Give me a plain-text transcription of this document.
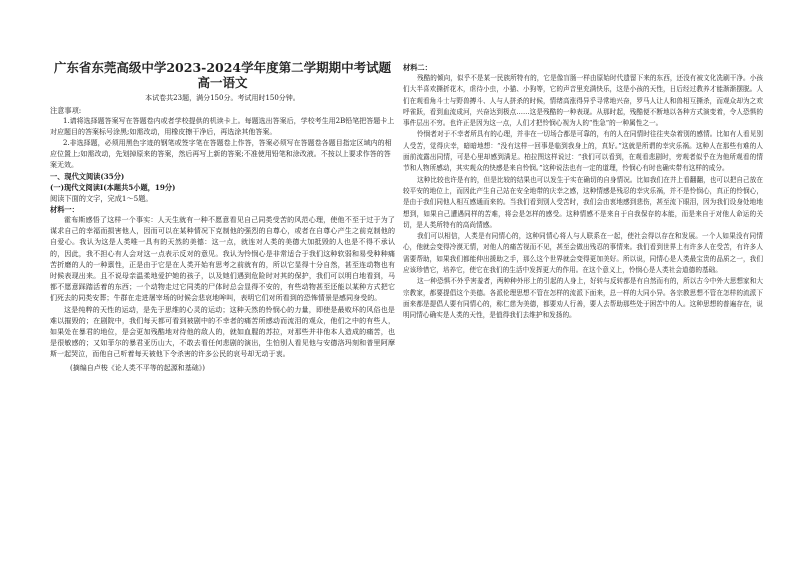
广东省东莞高级中学2023-2024学年度第二学期期中考试题

高一语文

本试卷共23题，满分150分。考试用时150分钟。

注意事项:

1.请将选择题答案写在答题卷内或者学校提供的机读卡上。每题选出答案后，学校考生用2B铅笔把答题卡上对应题目的答案标号涂黑;如需改动，用橡皮擦干净后，再选涂其他答案。

2.非选择题，必须用黑色字迹的钢笔或签字笔在答题卷上作答，答案必须写在答题卷各题目指定区域内的相应位置上;如需改动，先划掉原来的答案，然后再写上新的答案;不准使用铅笔和涂改液。不按以上要求作答的答案无效。

一、现代文阅读(35分)

(一)现代文阅读Ⅰ(本题共5小题，19分)

阅读下面的文字，完成1～5题。

材料一：

霍布斯感悟了这样一个事实：人天生就有一种不愿意看见自己同类受苦的风范心理，使他不至于过于为了谋求自己的幸福而损害他人，因而可以在某种情况下克制他的强烈的自尊心，或者在自尊心产生之前克制他的自爱心。我认为这是人类唯一具有的天然的美德：这一点，就连对人类的美德大加抵毁的人也是不得不承认的，因此，我不担心有人会对这一点表示反对的意见。我认为怜悯心是非常适合于我们这种软弱和易受种种痛苦折磨的人的一种禀性，正是由于它是在人类开始有思考之前就有的，所以它显得十分自然，甚至连动物也有时候表现出来。且不说母亲温柔地爱护她的孩子，以及她们遇到危险时对其的保护，我们可以明白地看到，马都不愿意踩踏活着的东西；一个动物走过它同类的尸体时总会显得不安的，有些动物甚至还能以某种方式把它们死去的同类安葬；牛群在走进屠宰场的时候会悲哀地哞叫，表明它们对所看到的恐怖情景是感同身受的。

这是纯粹的天性的运动，是先于思维的心灵的运动；这种天然的怜悯心的力量，即使是最败坏的风俗也是难以摧毁的；在剧院中，我们每天都可看到被剧中的不幸者的痛苦所感动而流泪的观众，他们之中的有些人，如果处在暴君的地位，是会更加残酷地对待他的敌人的，就如血腥的苏拉，对那些并非他本人造成的痛苦，也是很敏感的；又如菲尔的暴君亚历山大，不敢去看任何悲剧的演出，生怕别人看见他与安德洛玛刻和普里阿摩斯一起哭泣，而他自己听着每天被他下令杀害的许多公民的哀号却无动于衷。

(摘编自卢梭《论人类不平等的起源和基础》)

材料二：

残酷的倾向，似乎不是某一民族所特有的，它是像盲肠一样由原始时代遗留下来的东西，还没有被文化冼刷干净。小孩们大半喜欢撕折花木，虐待小虫，小猫、小狗等，它的声音里充满快乐，这是小孩的天性，日后经过教养才能渐渐摆脱。人们在观看角斗士与野兽搏斗、人与人拼杀的时候，情绪高涨得异乎寻常地兴奋，罗马人让人和兽相互撕杀，而观众却为之欢呼雀跃，看到血流成河，兴奋达到极点……这是残酷的一种表现。从那时起，残酷便不断地以各种方式演变着，令人恐惧的事件层出不穷。也许正是因为这一点，人们才把怜悯心视为人的“性急”的一种属性之一。

怜悯者对于不幸者所具有的心理，并非在一切场合都是可靠的，有的人在同情时往往夹杂着别的感情。比如有人看见别人受苦，觉得庆幸，暗暗地想：“没有这样一回事是临到我身上的，真好。”这就是所谓的幸灾乐祸。这种人在那些有难的人面前流露出同情，可是心里却感到满足。柏拉图这样说过：“我们可以看到，在观看悲剧时，旁观者似乎在为他所观看的情节和人物所感动，其实观众的快感是来自怜悯。”这种说法也有一定的道理，怜悯心有时也确实带有这样的成分。

这种比较也许是有的，但是比较的结果也可以发生于实在确切的自身情况。比如我们在井上看翻翻，也可以把自己放在较平安的地位上，而因此产生自己站在安全地带的庆幸之感，这种情感是残忍的幸灾乐祸，并不是怜悯心，真正的怜悯心，是由于我们同他人相互感通而来的。当我们看到别人受苦时，我们会由衷地感到悲伤，甚至流下眼泪，因为我们设身处地地想到，如果自己遭遇同样的苦难，将会是怎样的感受。这种情感不是来自于自我保存的本能，而是来自于对他人命运的关切，是人类所特有的高尚情感。

我们可以相信，人类是有同情心的，这种同情心将人与人联系在一起，使社会得以存在和发展。一个人如果没有同情心，他就会变得冷漠无情，对他人的痛苦视而不见，甚至会做出残忍的事情来。我们看到世界上有许多人在受苦，有许多人需要帮助，如果我们都能伸出援助之手，那么这个世界就会变得更加美好。所以说，同情心是人类最宝贵的品质之一，我们应该珍惜它，培养它，使它在我们的生活中发挥更大的作用。在这个意义上，怜悯心是人类社会道德的基础。

这一种恐惧不外乎害羞者，两种种外形上的引起的人身上，好转与反转都是有自然而有的，所以古今中外大思想家和大宗教家，都要提倡这个美德。各派伦理思想不管在怎样的流派下面来，总一样的大同小异。各宗教思想不管在怎样的流派下面来都是提倡人要有同情心的，称仁慈为美德，都要劝人行善，要人去帮助那些处于困苦中的人。这种思想的普遍存在，说明同情心确实是人类的天性，是值得我们去维护和发扬的。
